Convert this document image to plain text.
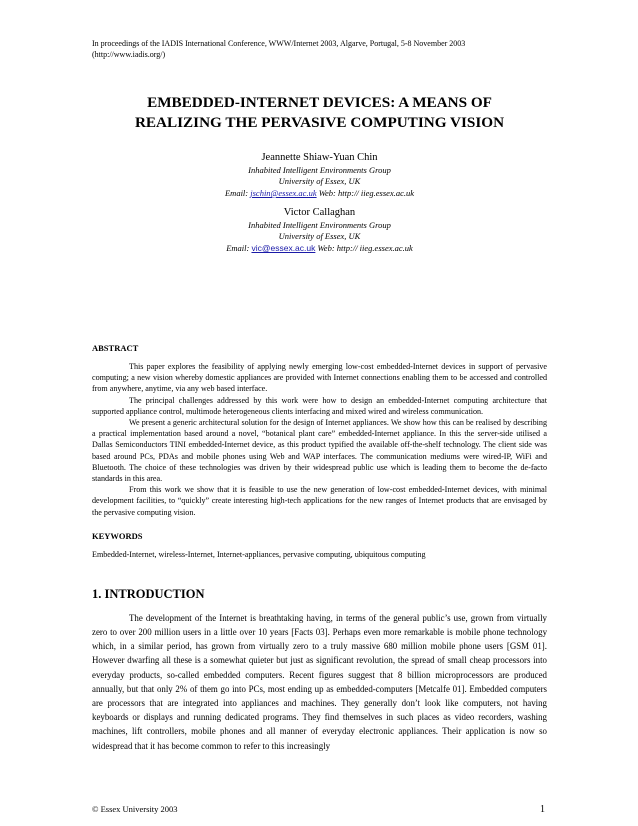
In proceedings of the IADIS International Conference, WWW/Internet 2003, Algarve, Portugal, 5-8 November 2003
(http://www.iadis.org/)
EMBEDDED-INTERNET DEVICES: A MEANS OF
REALIZING THE PERVASIVE COMPUTING VISION
Jeannette Shiaw-Yuan Chin
Inhabited Intelligent Environments Group
University of Essex, UK
Email: jschin@essex.ac.uk Web: http:// iieg.essex.ac.uk
Victor Callaghan
Inhabited Intelligent Environments Group
University of Essex, UK
Email: vic@essex.ac.uk Web: http:// iieg.essex.ac.uk
ABSTRACT

This paper explores the feasibility of applying newly emerging low-cost embedded-Internet devices in support of pervasive computing; a new vision whereby domestic appliances are provided with Internet connections enabling them to be accessed and controlled from anywhere, anytime, via any web based interface.

The principal challenges addressed by this work were how to design an embedded-Internet computing architecture that supported appliance control, multimode heterogeneous clients interfacing and mixed wired and wireless communication.

We present a generic architectural solution for the design of Internet appliances. We show how this can be realised by describing a practical implementation based around a novel, “botanical plant care” embedded-Internet appliance. In this the server-side utilised a Dallas Semiconductors TINI embedded-Internet device, as this product typified the available off-the-shelf technology. The client side was based around PCs, PDAs and mobile phones using Web and WAP interfaces. The communication mediums were wired-IP, WiFi and Bluetooth. The choice of these technologies was driven by their widespread public use which is leading them to become the de-facto standards in this area.

From this work we show that it is feasible to use the new generation of low-cost embedded-Internet devices, with minimal development facilities, to “quickly” create interesting high-tech applications for the new ranges of Internet products that are envisaged by the pervasive computing vision.

KEYWORDS
Embedded-Internet, wireless-Internet, Internet-appliances, pervasive computing, ubiquitous computing
1. INTRODUCTION

The development of the Internet is breathtaking having, in terms of the general public’s use, grown from virtually zero to over 200 million users in a little over 10 years [Facts 03]. Perhaps even more remarkable is mobile phone technology which, in a similar period, has grown from virtually zero to a truly massive 680 million mobile phone users [GSM 01]. However dwarfing all these is a somewhat quieter but just as significant revolution, the spread of small cheap processors into everyday products, so-called embedded computers. Recent figures suggest that 8 billion microprocessors are produced annually, but that only 2% of them go into PCs, most ending up as embedded-computers [Metcalfe 01]. Embedded computers are processors that are integrated into appliances and machines. They generally don’t look like computers, not having keyboards or displays and running dedicated programs. They find themselves in such places as video recorders, washing machines, lift controllers, mobile phones and all manner of everyday electronic appliances. Their application is now so widespread that it has become common to refer to this increasingly

© Essex University 2003	1
